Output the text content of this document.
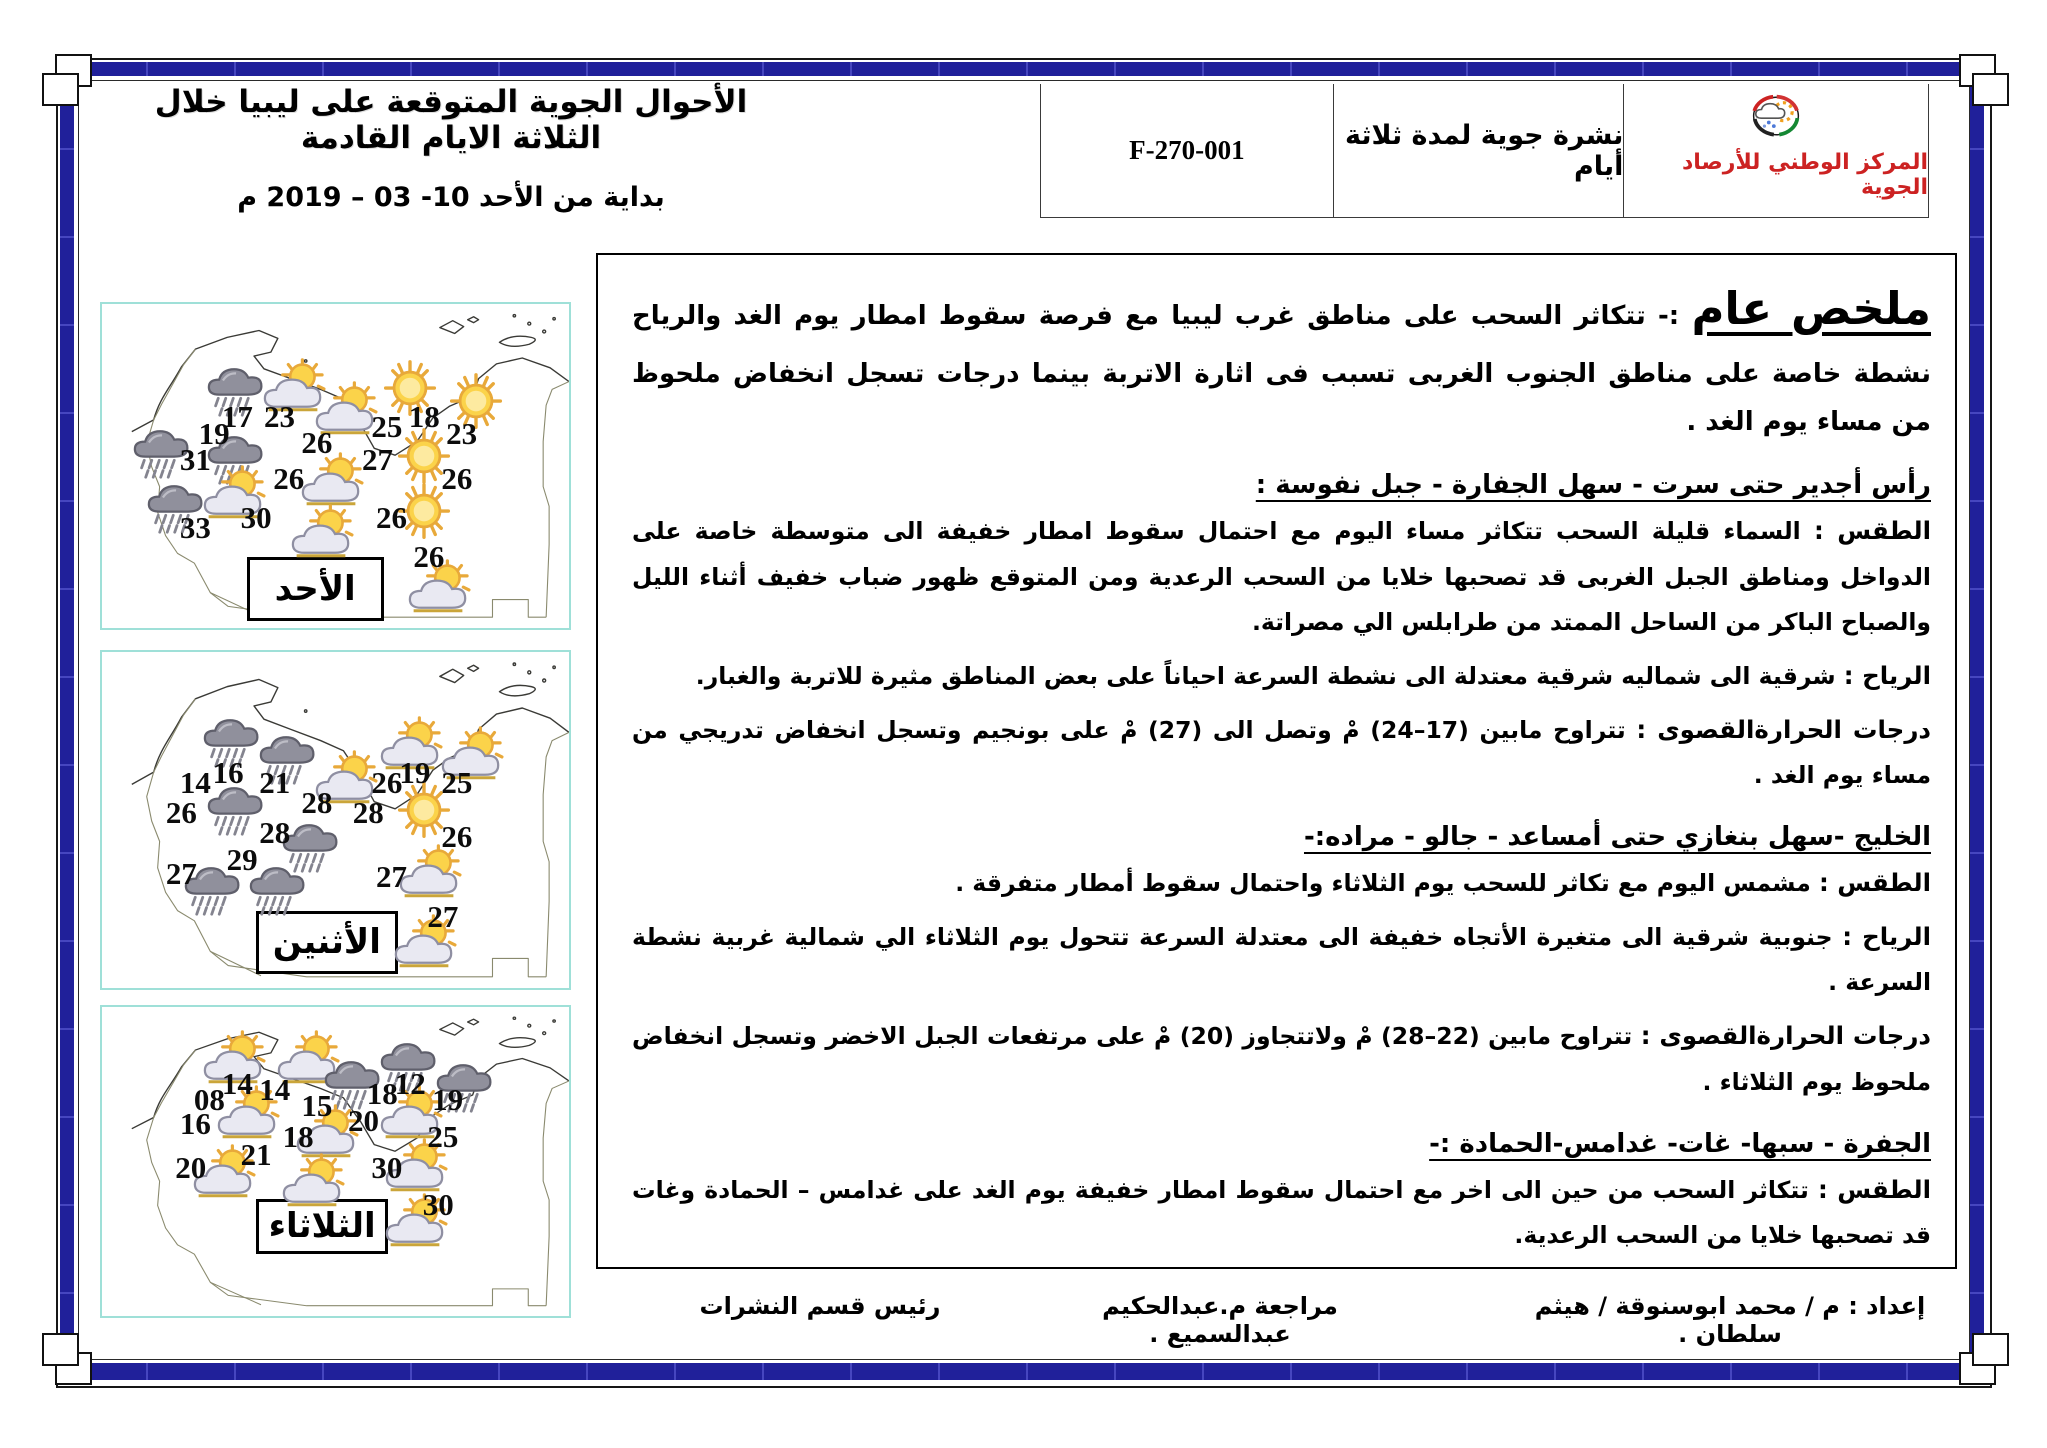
الأحوال الجوية المتوقعة على ليبيا خلال الثلاثة الايام القادمة
بداية من الأحد 10- 03 – 2019 م
F-270-001	نشرة جوية لمدة ثلاثة أيام	المركز الوطني للأرصاد الجوية
ملخص عام :- تتكاثر السحب على مناطق غرب ليبيا مع فرصة سقوط امطار يوم الغد والرياح نشطة خاصة على مناطق الجنوب الغربى تسبب فى اثارة الاتربة بينما درجات تسجل انخفاض ملحوظ من مساء يوم الغد .
رأس أجدير حتى سرت - سهل الجفارة - جبل نفوسة :
الطقس : السماء قليلة السحب تتكاثر مساء اليوم مع احتمال سقوط امطار خفيفة الى متوسطة خاصة على الدواخل ومناطق الجبل الغربى قد تصحبها خلايا من السحب الرعدية ومن المتوقع ظهور ضباب خفيف أثناء الليل والصباح الباكر من الساحل الممتد من طرابلس الي مصراتة.
الرياح : شرقية الى شماليه شرقية معتدلة الى نشطة السرعة احياناً على بعض المناطق مثيرة للاتربة والغبار.
درجات الحرارةالقصوى : تتراوح مابين (17–24) مْ وتصل الى (27) مْ على بونجيم وتسجل انخفاض تدريجي من مساء يوم الغد .
الخليج -سهل بنغازي حتى أمساعد - جالو - مراده:-
الطقس : مشمس اليوم مع تكاثر للسحب يوم الثلاثاء واحتمال سقوط أمطار متفرقة .
الرياح : جنوبية شرقية الى متغيرة الأتجاه خفيفة الى معتدلة السرعة تتحول يوم الثلاثاء الي شمالية غربية نشطة السرعة .
درجات الحرارةالقصوى : تتراوح مابين (22–28) مْ ولاتتجاوز (20) مْ على مرتفعات الجبل الاخضر وتسجل انخفاض ملحوظ يوم الثلاثاء .
الجفرة - سبها- غات- غدامس-الحمادة :-
الطقس : تتكاثر السحب من حين الى اخر مع احتمال سقوط امطار خفيفة يوم الغد على غدامس – الحمادة وغات قد تصحبها خلايا من السحب الرعدية.
الأحد
17 23
26 25 18 23
19
31
26
27
26
30
33	26
26
الأثنين
14 16 21
28
26
19 25
26
28
28
26
29
27	27
27
الثلاثاء
14 14 15 18
12 19
08
16 18 20 25
21
20	30
30
إعداد : م / محمد ابوسنوقة / هيثم سلطان .
مراجعة م.عبدالحكيم عبدالسميع .
رئيس قسم النشرات
